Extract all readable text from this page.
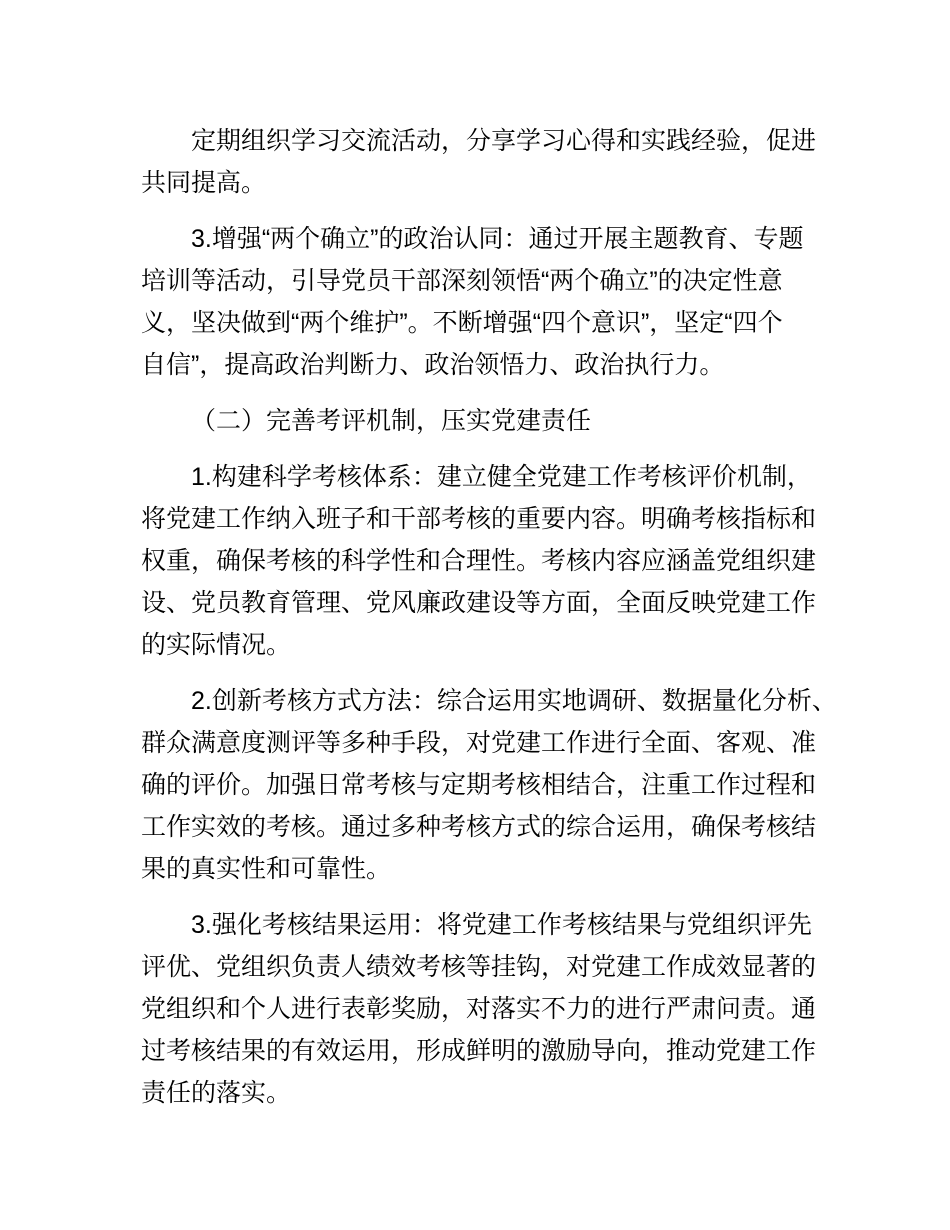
定期组织学习交流活动，分享学习心得和实践经验，促进
共同提高。
3.增强“两个确立”的政治认同：通过开展主题教育、专题
培训等活动，引导党员干部深刻领悟“两个确立”的决定性意
义，坚决做到“两个维护”。不断增强“四个意识”，坚定“四个
自信”，提高政治判断力、政治领悟力、政治执行力。
（二）完善考评机制，压实党建责任
1.构建科学考核体系：建立健全党建工作考核评价机制，
将党建工作纳入班子和干部考核的重要内容。明确考核指标和
权重，确保考核的科学性和合理性。考核内容应涵盖党组织建
设、党员教育管理、党风廉政建设等方面，全面反映党建工作
的实际情况。
2.创新考核方式方法：综合运用实地调研、数据量化分析、
群众满意度测评等多种手段，对党建工作进行全面、客观、准
确的评价。加强日常考核与定期考核相结合，注重工作过程和
工作实效的考核。通过多种考核方式的综合运用，确保考核结
果的真实性和可靠性。
3.强化考核结果运用：将党建工作考核结果与党组织评先
评优、党组织负责人绩效考核等挂钩，对党建工作成效显著的
党组织和个人进行表彰奖励，对落实不力的进行严肃问责。通
过考核结果的有效运用，形成鲜明的激励导向，推动党建工作
责任的落实。
